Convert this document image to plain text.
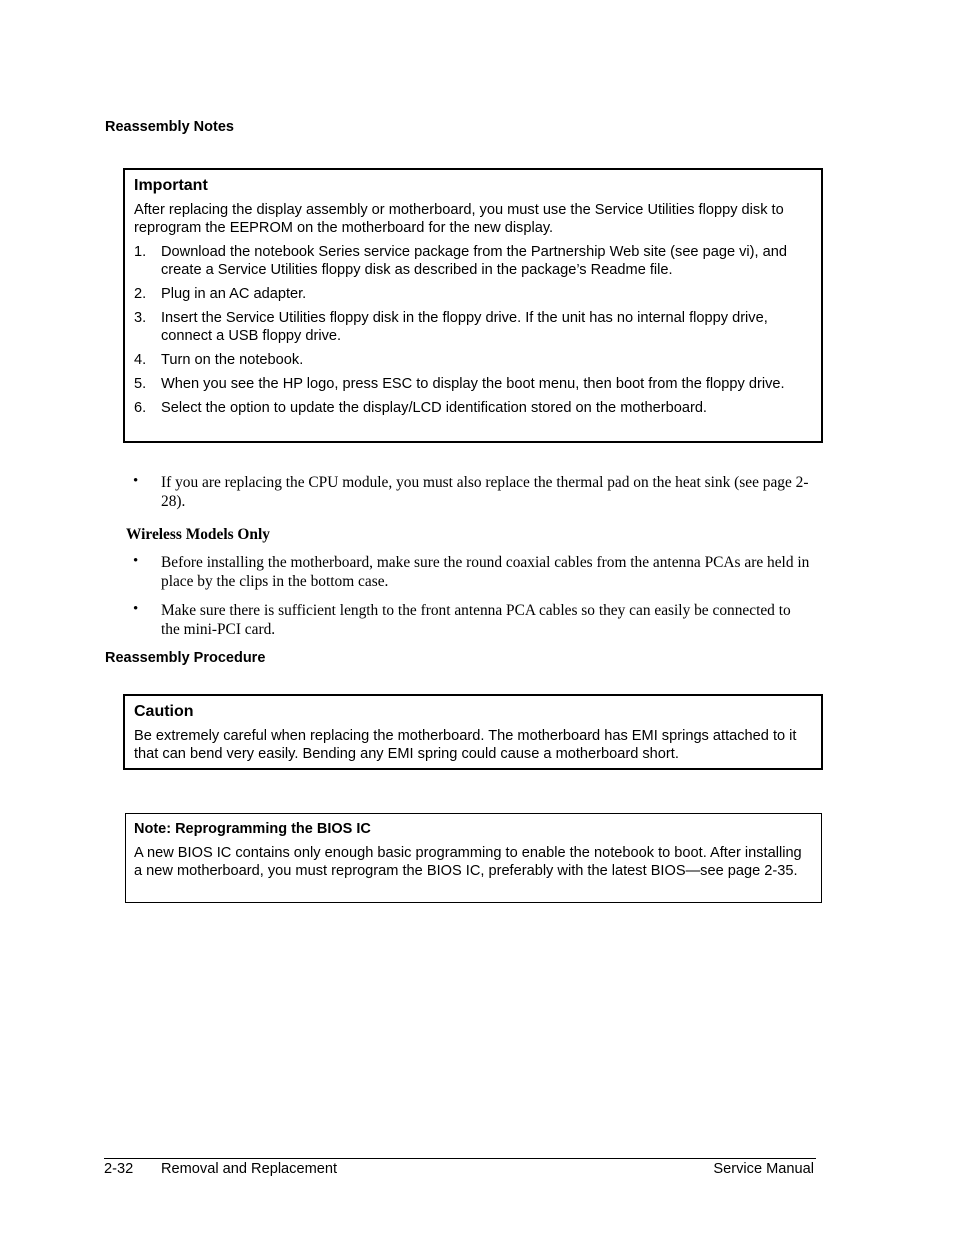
Reassembly Notes
Important
After replacing the display assembly or motherboard, you must use the Service Utilities floppy disk to reprogram the EEPROM on the motherboard for the new display.
1. Download the notebook Series service package from the Partnership Web site (see page vi), and create a Service Utilities floppy disk as described in the package’s Readme file.
2. Plug in an AC adapter.
3. Insert the Service Utilities floppy disk in the floppy drive. If the unit has no internal floppy drive, connect a USB floppy drive.
4. Turn on the notebook.
5. When you see the HP logo, press ESC to display the boot menu, then boot from the floppy drive.
6. Select the option to update the display/LCD identification stored on the motherboard.
• If you are replacing the CPU module, you must also replace the thermal pad on the heat sink (see page 2-28).
Wireless Models Only
• Before installing the motherboard, make sure the round coaxial cables from the antenna PCAs are held in place by the clips in the bottom case.
• Make sure there is sufficient length to the front antenna PCA cables so they can easily be connected to the mini-PCI card.
Reassembly Procedure
Caution
Be extremely careful when replacing the motherboard. The motherboard has EMI springs attached to it that can bend very easily. Bending any EMI spring could cause a motherboard short.
Note: Reprogramming the BIOS IC
A new BIOS IC contains only enough basic programming to enable the notebook to boot. After installing a new motherboard, you must reprogram the BIOS IC, preferably with the latest BIOS—see page 2-35.
2-32 Removal and Replacement	Service Manual
